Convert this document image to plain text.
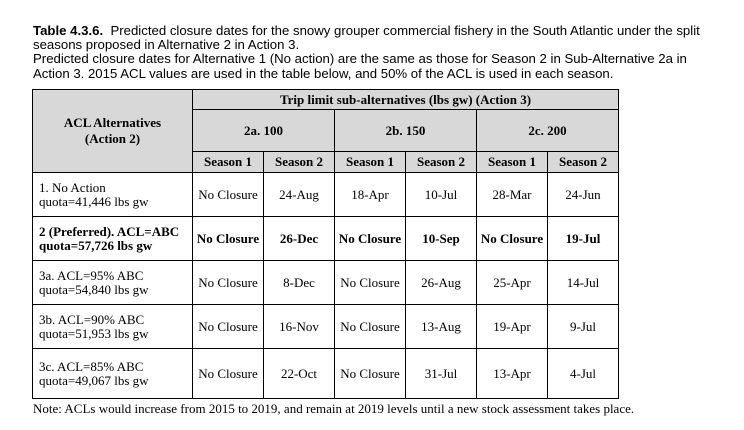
Table 4.3.6. Predicted closure dates for the snowy grouper commercial fishery in the South Atlantic under the split seasons proposed in Alternative 2 in Action 3.
Predicted closure dates for Alternative 1 (No action) are the same as those for Season 2 in Sub-Alternative 2a in Action 3. 2015 ACL values are used in the table below, and 50% of the ACL is used in each season.
ACL Alternatives
(Action 2)	Trip limit sub-alternatives (lbs gw) (Action 3)					
	2a. 100		2b. 150		2c. 200	
	Season 1	Season 2	Season 1	Season 2	Season 1	Season 2
1. No Action
quota=41,446 lbs gw	No Closure	24-Aug	18-Apr	10-Jul	28-Mar	24-Jun
2 (Preferred). ACL=ABC
quota=57,726 lbs gw	No Closure	26-Dec	No Closure	10-Sep	No Closure	19-Jul
3a. ACL=95% ABC
quota=54,840 lbs gw	No Closure	8-Dec	No Closure	26-Aug	25-Apr	14-Jul
3b. ACL=90% ABC
quota=51,953 lbs gw	No Closure	16-Nov	No Closure	13-Aug	19-Apr	9-Jul
3c. ACL=85% ABC
quota=49,067 lbs gw	No Closure	22-Oct	No Closure	31-Jul	13-Apr	4-Jul
Note: ACLs would increase from 2015 to 2019, and remain at 2019 levels until a new stock assessment takes place.
